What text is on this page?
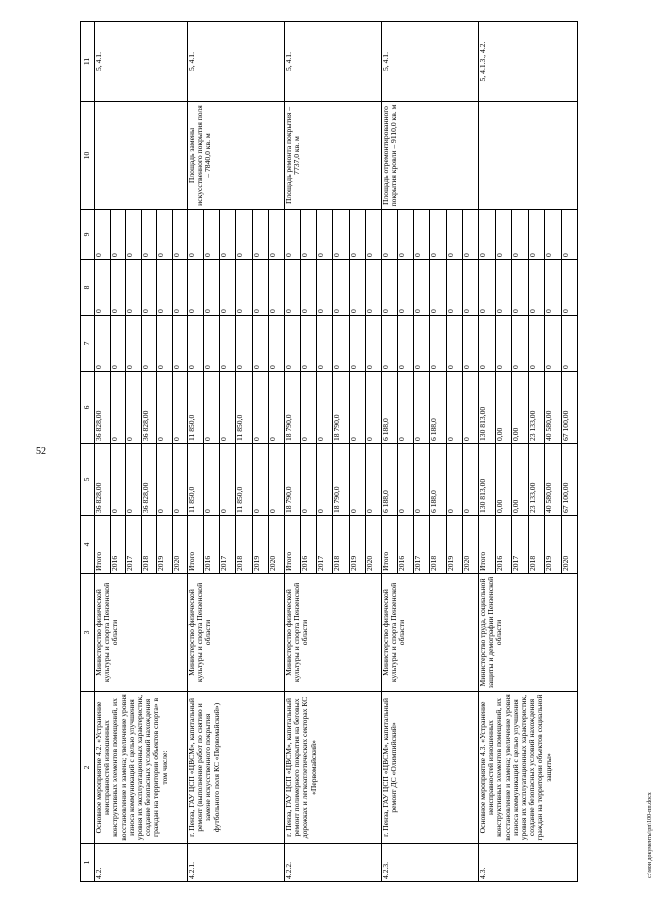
52
1	2	3	4	5	6	7	8	9	10	11
4.2.	Основное мероприятие 4.2. «Устранение неисправностей изношенных конструктивных элементов помещений, их восстановление и замена; увеличение уровня износа коммуникаций с целью улучшения уровня их эксплуатационных характеристик, создание безопасных условий нахождения граждан на территории объектов спорта» в том числе:	Министерство физической культуры и спорта Пензенской области	Итого	36 828,00	36 828,00	0	0	0		5, 4.1.
			2016	0	0	0	0	0		
			2017	0	0	0	0	0		
			2018	36 828,00	36 828,00	0	0	0		
			2019	0	0	0	0	0		
			2020	0	0	0	0	0		
4.2.1.	г. Пенза, ГАУ ЦСП «ЦВСМ», капитальный ремонт (выполнение работ по снятию и замене искусственного покрытия футбольного поля КС «Первомайский»)	Министерство физической культуры и спорта Пензенской области	Итого	11 850,0	11 850,0	0	0	0	Площадь замены искусственного покрытия поля – 7840,0 кв. м	5, 4.1.
			2016	0	0	0	0	0		
			2017	0	0	0	0	0		
			2018	11 850,0	11 850,0	0	0	0		
			2019	0	0	0	0	0		
			2020	0	0	0	0	0		
4.2.2.	г. Пенза, ГАУ ЦСП «ЦВСМ», капитальный ремонт полимерного покрытия на беговых дорожках и легкоатлетических секторах КС «Первомайский»	Министерство физической культуры и спорта Пензенской области	Итого	18 790,0	18 790,0	0	0	0	Площадь ремонта покрытия – 7737,0 кв. м	5, 4.1.
			2016	0	0	0	0	0		
			2017	0	0	0	0	0		
			2018	18 790,0	18 790,0	0	0	0		
			2019	0	0	0	0	0		
			2020	0	0	0	0	0		
4.2.3.	г. Пенза, ГАУ ЦСП «ЦВСМ», капитальный ремонт ДС «Олимпийский»	Министерство физической культуры и спорта Пензенской области	Итого	6 188,0	6 188,0	0	0	0	Площадь отремонтированного покрытия кровли – 9110,0 кв. м	5, 4.1.
			2016	0	0	0	0	0		
			2017	0	0	0	0	0		
			2018	6 188,0	6 188,0	0	0	0		
			2019	0	0	0	0	0		
			2020	0	0	0	0	0		
4.3.	Основное мероприятие 4.3. «Устранение неисправностей изношенных конструктивных элементов помещений, их восстановление и замена; увеличение уровня износа коммуникаций с целью улучшения уровня их эксплуатационных характеристик, создание безопасных условий нахождения граждан на территории объектов социальной защиты»	Министерство труда, социальной защиты и демографии Пензенской области	Итого	130 813,00	130 813,00	0	0	0		5, 4.1.3., 4.2.
			2016	0,00	0,00	0	0	0		
			2017	0,00	0,00	0	0	0		
			2018	23 133,00	23 133,00	0	0	0		
			2019	40 580,00	40 580,00	0	0	0		
			2020	67 100,00	67 100,00	0	0	0		
c:\мои документы\рп\100-пп.docx
